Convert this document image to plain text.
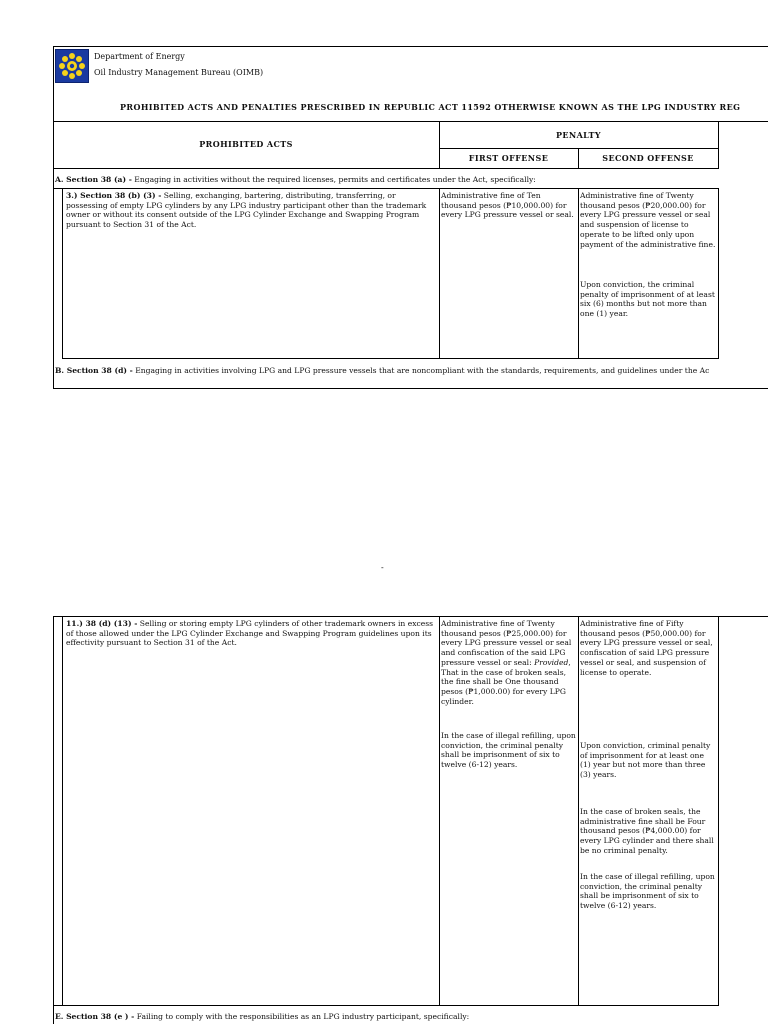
Department of Energy
Oil Industry Management Bureau (OIMB)
PROHIBITED ACTS AND PENALTIES PRESCRIBED IN REPUBLIC ACT 11592 OTHERWISE KNOWN AS THE LPG INDUSTRY REG
PROHIBITED ACTS
PENALTY
FIRST OFFENSE	SECOND OFFENSE
A. Section 38 (a) - Engaging in activities without the required licenses, permits and certificates under the Act, specifically:
3.) Section 38 (b) (3) - Selling, exchanging, bartering, distributing, transferring, or possessing of empty LPG cylinders by any LPG industry participant other than the trademark owner or without its consent outside of the LPG Cylinder Exchange and Swapping Program pursuant to Section 31 of the Act.
Administrative fine of Ten thousand pesos (₱10,000.00) for every LPG pressure vessel or seal.
Administrative fine of Twenty thousand pesos (₱20,000.00) for every LPG pressure vessel or seal and suspension of license to operate to be lifted only upon payment of the administrative fine.
Upon conviction, the criminal penalty of imprisonment of at least six (6) months but not more than one (1) year.
B. Section 38 (d) - Engaging in activities involving LPG and LPG pressure vessels that are noncompliant with the standards, requirements, and guidelines under the Ac
-
11.) 38 (d) (13) - Selling or storing empty LPG cylinders of other trademark owners in excess of those allowed under the LPG Cylinder Exchange and Swapping Program guidelines upon its effectivity pursuant to Section 31 of the Act.
Administrative fine of Twenty thousand pesos (₱25,000.00) for every LPG pressure vessel or seal and confiscation of the said LPG pressure vessel or seal: Provided, That in the case of broken seals, the fine shall be One thousand pesos (₱1,000.00) for every LPG cylinder.
In the case of illegal refilling, upon conviction, the criminal penalty shall be imprisonment of six to twelve (6-12) years.
Administrative fine of Fifty thousand pesos (₱50,000.00) for every LPG pressure vessel or seal, confiscation of said LPG pressure vessel or seal, and suspension of license to operate.
Upon conviction, criminal penalty of imprisonment for at least one (1) year but not more than three (3) years.
In the case of broken seals, the administrative fine shall be Four thousand pesos (₱4,000.00) for every LPG cylinder and there shall be no criminal penalty.
In the case of illegal refilling, upon conviction, the criminal penalty shall be imprisonment of six to twelve (6-12) years.
E. Section 38 (e ) - Failing to comply with the responsibilities as an LPG industry participant, specifically:
